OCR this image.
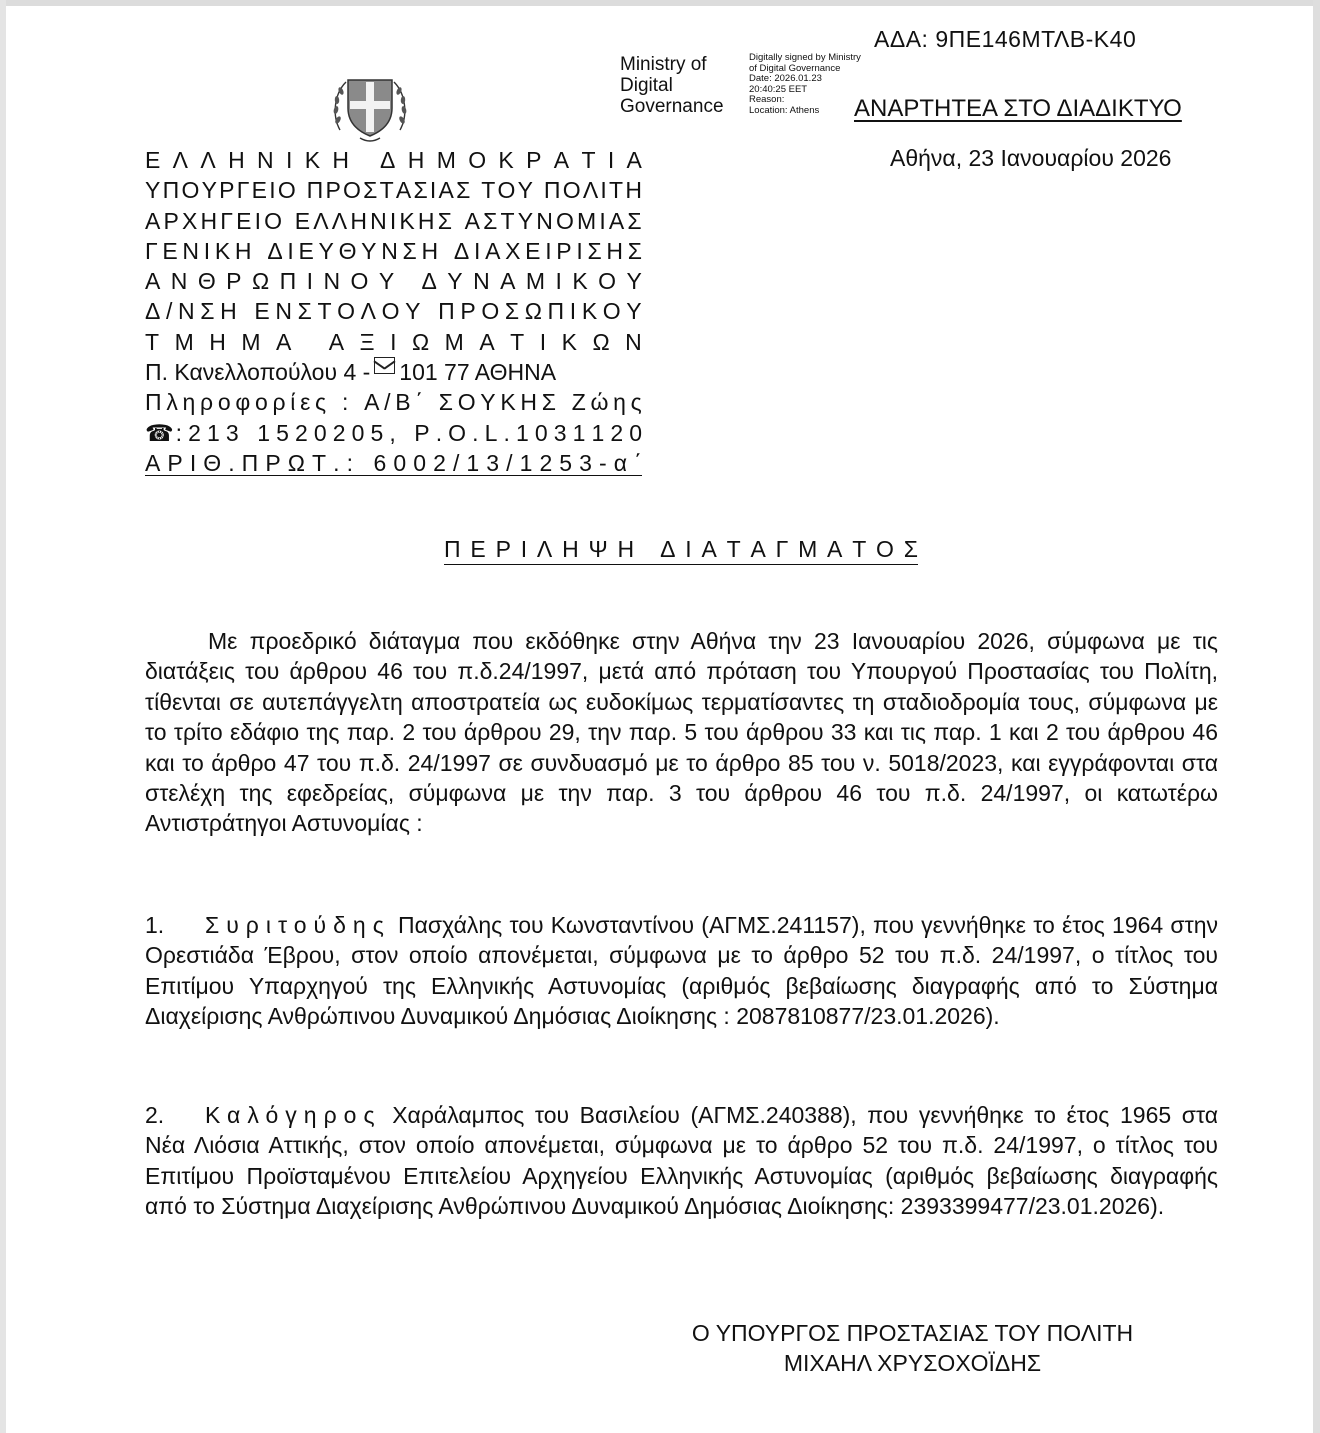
ΑΔΑ: 9ΠΕ146ΜΤΛΒ-Κ40
Ministry of
Digital
Governance
Digitally signed by Ministry
of Digital Governance
Date: 2026.01.23
20:40:25 EET
Reason:
Location: Athens	ΑΝΑΡΤΗΤΕΑ ΣΤΟ ΔΙΑΔΙΚΤΥΟ
Αθήνα, 23 Ιανουαρίου 2026
Ε Λ Λ Η Ν Ι Κ Η
Δ Η Μ Ο Κ Ρ Α Τ Ι Α
Υ Π Ο Υ Ρ Γ Ε Ι Ο
Π Ρ Ο Σ Τ Α Σ Ι Α Σ
Τ Ο Υ
Π Ο Λ Ι Τ Η
Α Ρ Χ Η Γ Ε Ι Ο
Ε Λ Λ Η Ν Ι Κ Η Σ
Α Σ Τ Υ Ν Ο Μ Ι Α Σ
Γ Ε Ν Ι Κ Η
Δ Ι Ε Υ Θ Υ Ν Σ Η
Δ Ι Α Χ Ε Ι Ρ Ι Σ Η Σ
Α Ν Θ Ρ Ω Π Ι Ν Ο Υ
Δ Υ Ν Α Μ Ι Κ Ο Υ
Δ / Ν Σ Η
Ε Ν Σ Τ Ο Λ Ο Υ
Π Ρ Ο Σ Ω Π Ι Κ Ο Υ
Τ Μ Η Μ Α
Α Ξ Ι Ω Μ Α Τ Ι Κ Ω Ν
Π. Κανελλοπούλου 4 - 101 77 ΑΘΗΝΑ
Π λ η ρ ο φ ο ρ ί ε ς
:
Α / Β ΄
Σ Ο Υ Κ Η Σ
Ζ ώ η ς
☎ : 2 1 3
1 5 2 0 2 0 5 ,
Ρ . Ο . L . 1 0 3 1 1 2 0
Α Ρ Ι Θ . Π Ρ Ω Τ . :
6 0 0 2 / 1 3 / 1 2 5 3 - α ΄
Π Ε Ρ Ι Λ Η Ψ Η
Δ Ι Α Τ Α Γ Μ Α Τ Ο Σ
Με προεδρικό διάταγμα που εκδόθηκε στην Αθήνα την 23 Ιανουαρίου 2026, σύμφωνα με τις διατάξεις του άρθρου 46 του π.δ.24/1997, μετά από πρόταση του Υπουργού Προστασίας του Πολίτη, τίθενται σε αυτεπάγγελτη αποστρατεία ως ευδοκίμως τερματίσαντες τη σταδιοδρομία τους, σύμφωνα με το τρίτο εδάφιο της παρ. 2 του άρθρου 29, την παρ. 5 του άρθρου 33 και τις παρ. 1 και 2 του άρθρου 46 και το άρθρο 47 του π.δ. 24/1997 σε συνδυασμό με το άρθρο 85 του ν. 5018/2023, και εγγράφονται στα στελέχη της εφεδρείας, σύμφωνα με την παρ. 3 του άρθρου 46 του π.δ. 24/1997, οι κατωτέρω Αντιστράτηγοι Αστυνομίας :
1. Συριτούδης Πασχάλης του Κωνσταντίνου (ΑΓΜΣ.241157), που γεννήθηκε το έτος 1964 στην Ορεστιάδα Έβρου, στον οποίο απονέμεται, σύμφωνα με το άρθρο 52 του π.δ. 24/1997, ο τίτλος του Επιτίμου Υπαρχηγού της Ελληνικής Αστυνομίας (αριθμός βεβαίωσης διαγραφής από το Σύστημα Διαχείρισης Ανθρώπινου Δυναμικού Δημόσιας Διοίκησης : 2087810877/23.01.2026).
2. Καλόγηρος Χαράλαμπος του Βασιλείου (ΑΓΜΣ.240388), που γεννήθηκε το έτος 1965 στα Νέα Λιόσια Αττικής, στον οποίο απονέμεται, σύμφωνα με το άρθρο 52 του π.δ. 24/1997, ο τίτλος του Επιτίμου Προϊσταμένου Επιτελείου Αρχηγείου Ελληνικής Αστυνομίας (αριθμός βεβαίωσης διαγραφής από το Σύστημα Διαχείρισης Ανθρώπινου Δυναμικού Δημόσιας Διοίκησης: 2393399477/23.01.2026).
Ο ΥΠΟΥΡΓΟΣ ΠΡΟΣΤΑΣΙΑΣ ΤΟΥ ΠΟΛΙΤΗ
ΜΙΧΑΗΛ ΧΡΥΣΟΧΟΪΔΗΣ
